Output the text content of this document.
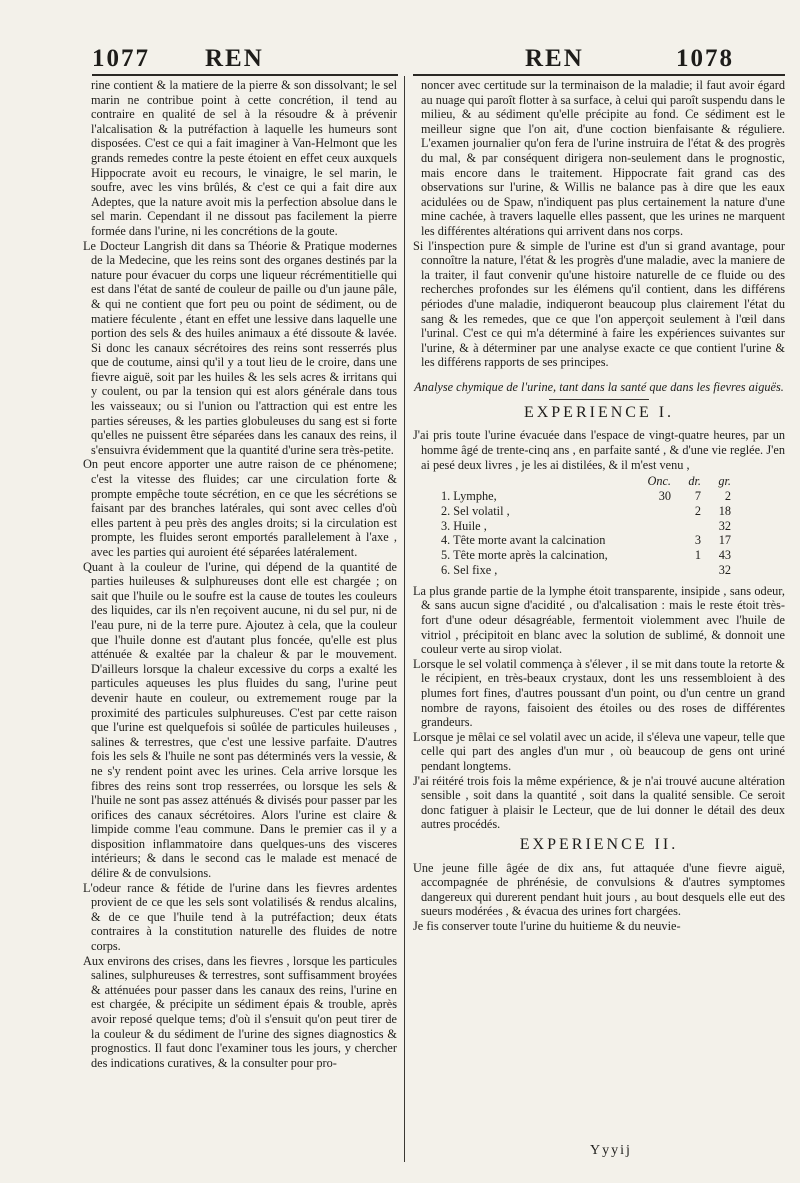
1077 REN	REN	1078

rine contient & la matiere de la pierre & son dissolvant; le sel marin ne contribue point à cette concrétion, il tend au contraire en qualité de sel à la résoudre & à prévenir l'alcalisation & la putréfaction à laquelle les humeurs sont disposées. C'est ce qui a fait imaginer à Van-Helmont que les grands remedes contre la peste étoient en effet ceux auxquels Hippocrate avoit eu recours, le vinaigre, le sel marin, le soufre, avec les vins brûlés, & c'est ce qui a fait dire aux Adeptes, que la nature avoit mis la perfection absolue dans le sel marin. Cependant il ne dissout pas facilement la pierre formée dans l'urine, ni les concrétions de la goute.

Le Docteur Langrish dit dans sa Théorie & Pratique modernes de la Medecine, que les reins sont des organes destinés par la nature pour évacuer du corps une liqueur récrémentitielle qui est dans l'état de santé de couleur de paille ou d'un jaune pâle, & qui ne contient que fort peu ou point de sédiment, ou de matiere féculente , étant en effet une lessive dans laquelle une portion des sels & des huiles animaux a été dissoute & lavée. Si donc les canaux sécrétoires des reins sont resserrés plus que de coutume, ainsi qu'il y a tout lieu de le croire, dans une fievre aiguë, soit par les huiles & les sels acres & irritans qui y coulent, ou par la tension qui est alors générale dans tous les vaisseaux; ou si l'union ou l'attraction qui est entre les parties séreuses, & les parties globuleuses du sang est si forte qu'elles ne puissent être séparées dans les canaux des reins, il s'ensuivra évidemment que la quantité d'urine sera très-petite.

On peut encore apporter une autre raison de ce phénomene; c'est la vitesse des fluides; car une circulation forte & prompte empêche toute sécrétion, en ce que les sécrétions se faisant par des branches latérales, qui sont avec celles d'où elles partent à peu près des angles droits; si la circulation est prompte, les fluides seront emportés parallelement à l'axe , avec les parties qui auroient été séparées latéralement.

Quant à la couleur de l'urine, qui dépend de la quantité de parties huileuses & sulphureuses dont elle est chargée ; on sait que l'huile ou le soufre est la cause de toutes les couleurs des liquides, car ils n'en reçoivent aucune, ni du sel pur, ni de l'eau pure, ni de la terre pure. Ajoutez à cela, que la couleur que l'huile donne est d'autant plus foncée, qu'elle est plus atténuée & exaltée par la chaleur & par le mouvement. D'ailleurs lorsque la chaleur excessive du corps a exalté les particules aqueuses les plus fluides du sang, l'urine peut devenir haute en couleur, ou extremement rouge par la proximité des particules sulphureuses. C'est par cette raison que l'urine est quelquefois si soûlée de particules huileuses , salines & terrestres, que c'est une lessive parfaite. D'autres fois les sels & l'huile ne sont pas déterminés vers la vessie, & ne s'y rendent point avec les urines. Cela arrive lorsque les fibres des reins sont trop resserrées, ou lorsque les sels & l'huile ne sont pas assez atténués & divisés pour passer par les orifices des canaux sécrétoires. Alors l'urine est claire & limpide comme l'eau commune. Dans le premier cas il y a disposition inflammatoire dans quelques-uns des visceres intérieurs; & dans le second cas le malade est menacé de délire & de convulsions.

L'odeur rance & fétide de l'urine dans les fievres ardentes provient de ce que les sels sont volatilisés & rendus alcalins, & de ce que l'huile tend à la putréfaction; deux états contraires à la constitution naturelle des fluides de notre corps.

Aux environs des crises, dans les fievres , lorsque les particules salines, sulphureuses & terrestres, sont suffisamment broyées & atténuées pour passer dans les canaux des reins, l'urine en est chargée, & précipite un sédiment épais & trouble, après avoir reposé quelque tems; d'où il s'ensuit qu'on peut tirer de la couleur & du sédiment de l'urine des signes diagnostics & prognostics. Il faut donc l'examiner tous les jours, y chercher des indications curatives, & la consulter pour pro-

noncer avec certitude sur la terminaison de la maladie; il faut avoir égard au nuage qui paroît flotter à sa surface, à celui qui paroît suspendu dans le milieu, & au sédiment qu'elle précipite au fond. Ce sédiment est le meilleur signe que l'on ait, d'une coction bienfaisante & réguliere. L'examen journalier qu'on fera de l'urine instruira de l'état & des progrès du mal, & par conséquent dirigera non-seulement dans le prognostic, mais encore dans le traitement. Hippocrate fait grand cas des observations sur l'urine, & Willis ne balance pas à dire que les eaux acidulées ou de Spaw, n'indiquent pas plus certainement la nature d'une mine cachée, à travers laquelle elles passent, que les urines ne marquent les différentes altérations qui arrivent dans nos corps.

Si l'inspection pure & simple de l'urine est d'un si grand avantage, pour connoître la nature, l'état & les progrès d'une maladie, avec la maniere de la traiter, il faut convenir qu'une histoire naturelle de ce fluide ou des recherches profondes sur les élémens qu'il contient, dans les différens périodes d'une maladie, indiqueront beaucoup plus clairement l'état du sang & les remedes, que ce que l'on apperçoit seulement à l'œil dans l'urinal. C'est ce qui m'a déterminé à faire les expériences suivantes sur l'urine, & à déterminer par une analyse exacte ce que contient l'urine & les différens rapports de ses principes.

Analyse chymique de l'urine, tant dans la santé que dans les fievres aiguës.

EXPERIENCE I.

J'ai pris toute l'urine évacuée dans l'espace de vingt-quatre heures, par un homme âgé de trente-cinq ans , en parfaite santé , & d'une vie reglée. J'en ai pesé deux livres , je les ai distilées, & il m'est venu ,

	Onc.	dr.	gr.
1. Lymphe,	30	7	2
2. Sel volatil ,		2	18
3. Huile ,			32
4. Tête morte avant la calcination		3	17
5. Tête morte après la calcination,		1	43
6. Sel fixe ,			32

La plus grande partie de la lymphe étoit transparente, insipide , sans odeur, & sans aucun signe d'acidité , ou d'alcalisation : mais le reste étoit très-fort d'une odeur désagréable, fermentoit violemment avec l'huile de vitriol , précipitoit en blanc avec la solution de sublimé, & donnoit une couleur verte au sirop violat.

Lorsque le sel volatil commença à s'élever , il se mit dans toute la retorte & le récipient, en très-beaux crystaux, dont les uns ressembloient à des plumes fort fines, d'autres poussant d'un point, ou d'un centre un grand nombre de rayons, faisoient des étoiles ou des roses de différentes grandeurs.

Lorsque je mêlai ce sel volatil avec un acide, il s'éleva une vapeur, telle que celle qui part des angles d'un mur , où beaucoup de gens ont uriné pendant longtems.

J'ai réitéré trois fois la même expérience, & je n'ai trouvé aucune altération sensible , soit dans la quantité , soit dans la qualité sensible. Ce seroit donc fatiguer à plaisir le Lecteur, que de lui donner le détail des deux autres procédés.

EXPERIENCE II.

Une jeune fille âgée de dix ans, fut attaquée d'une fievre aiguë, accompagnée de phrénésie, de convulsions & d'autres symptomes dangereux qui durerent pendant huit jours , au bout desquels elle eut des sueurs modérées , & évacua des urines fort chargées.

Je fis conserver toute l'urine du huitieme & du neuvie-

Yyyij
